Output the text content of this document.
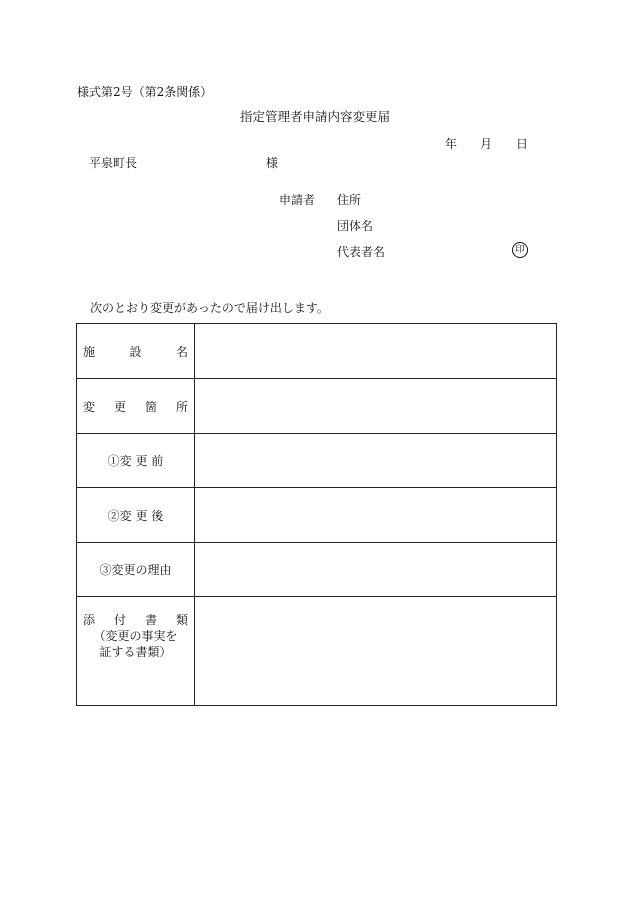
様式第2号（第2条関係）
指定管理者申請内容変更届
年 月 日
平泉町長	様
申請者 住所
団体名
代表者名	印
次のとおり変更があったので届け出します。
施	設	名
変 更 箇 所
①変 更 前
②変 更 後
③変更の理由
添 付 書 類
（変更の事実を
証する書類）
